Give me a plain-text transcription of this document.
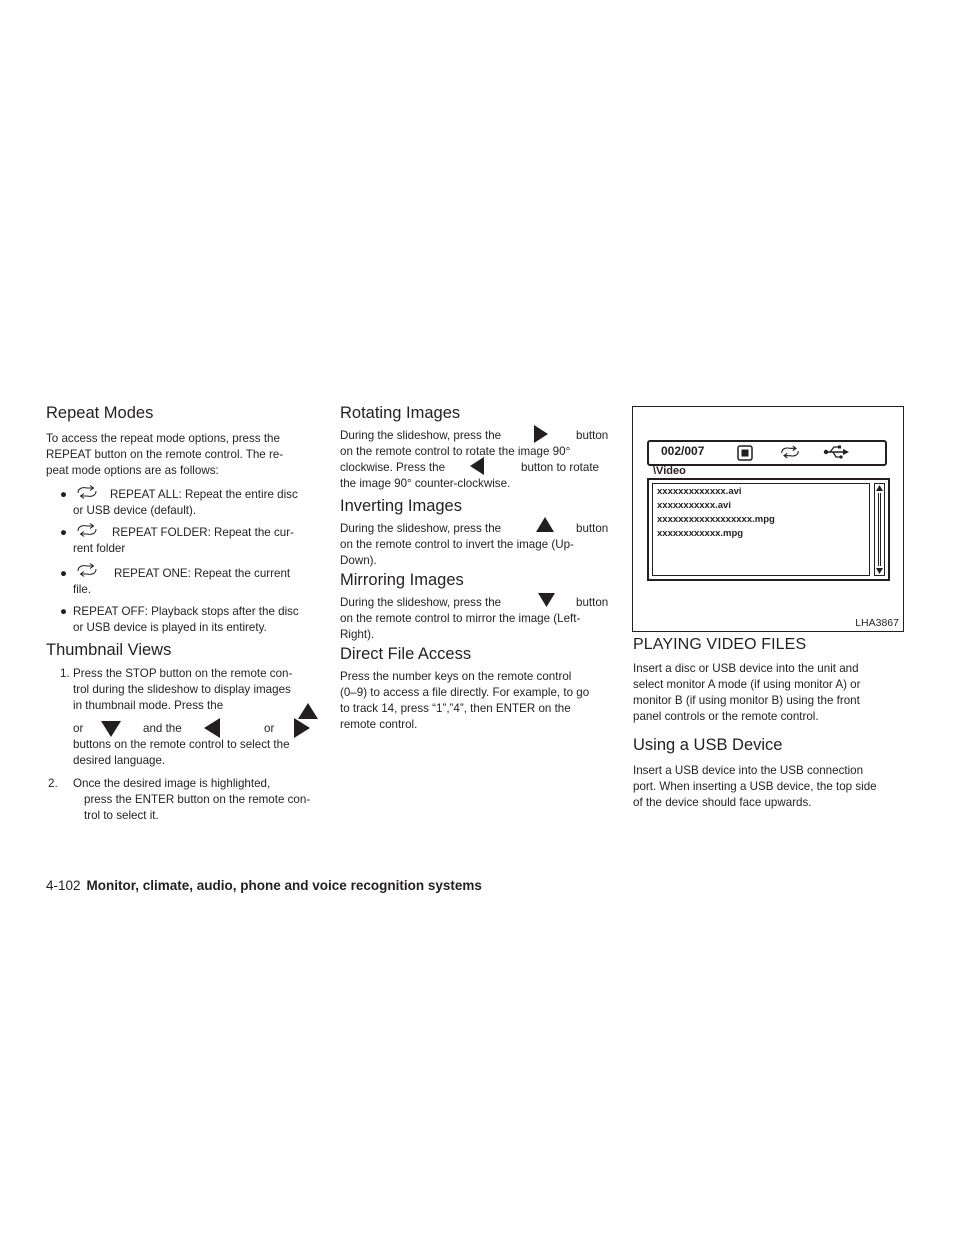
Repeat Modes
To access the repeat mode options, press the
REPEAT button on the remote control. The re-
peat mode options are as follows:
●	REPEAT ALL: Repeat the entire disc
or USB device (default).
●	REPEAT FOLDER: Repeat the cur-
rent folder
●	REPEAT ONE: Repeat the current
file.
● REPEAT OFF: Playback stops after the disc
or USB device is played in its entirety.
Thumbnail Views
1. Press the STOP button on the remote con-
trol during the slideshow to display images
in thumbnail mode. Press the
or	and the	or
buttons on the remote control to select the
desired language.
2. Once the desired image is highlighted,
press the ENTER button on the remote con-
trol to select it.
Rotating Images
During the slideshow, press the	button
on the remote control to rotate the image 90°
clockwise. Press the	button to rotate
the image 90° counter-clockwise.
Inverting Images
During the slideshow, press the	button
on the remote control to invert the image (Up-
Down).
Mirroring Images
During the slideshow, press the	button
on the remote control to mirror the image (Left-
Right).
Direct File Access
Press the number keys on the remote control
(0–9) to access a file directly. For example, to go
to track 14, press “1”,”4”, then ENTER on the
remote control.
002/007
\Video
xxxxxxxxxxxxx.avi
xxxxxxxxxxx.avi
xxxxxxxxxxxxxxxxxx.mpg
xxxxxxxxxxxx.mpg
LHA3867
PLAYING VIDEO FILES
Insert a disc or USB device into the unit and
select monitor A mode (if using monitor A) or
monitor B (if using monitor B) using the front
panel controls or the remote control.
Using a USB Device
Insert a USB device into the USB connection
port. When inserting a USB device, the top side
of the device should face upwards.
4-102 Monitor, climate, audio, phone and voice recognition systems
